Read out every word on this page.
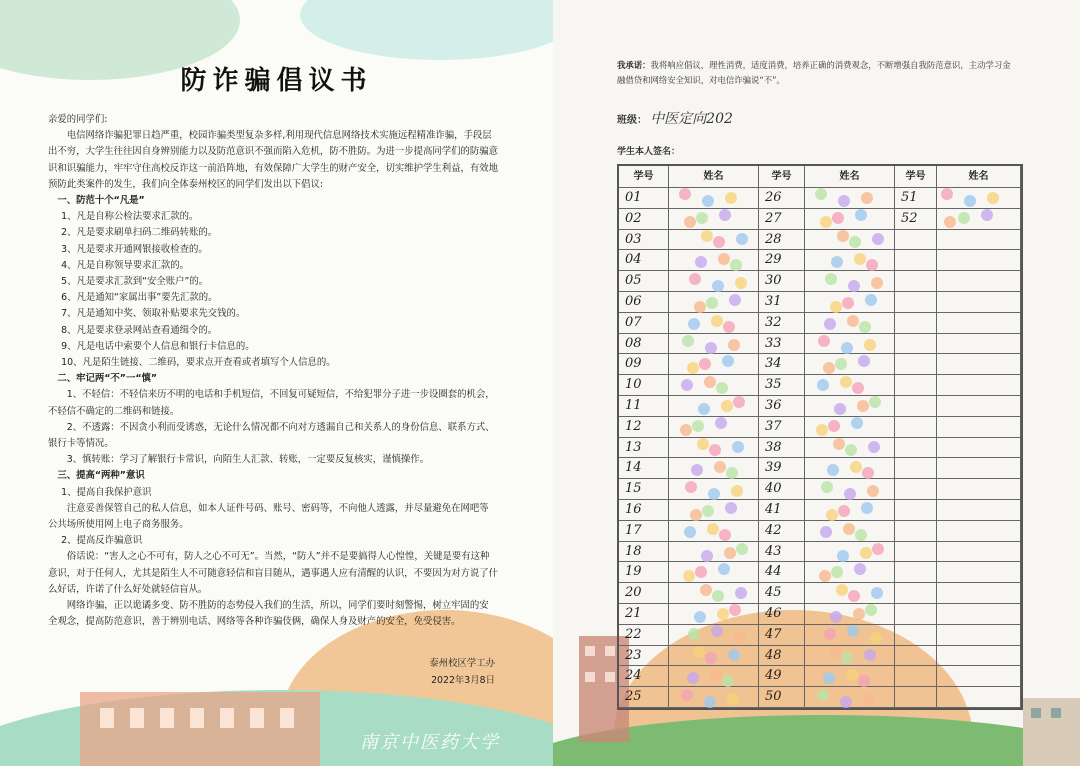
防诈骗倡议书

亲爱的同学们:

电信网络诈骗犯罪日趋严重，校园诈骗类型复杂多样,利用现代信息网络技术实施远程精准诈骗，手段层出不穷，大学生往往因自身辨别能力以及防范意识不强而陷入危机，防不胜防。为进一步提高同学们的防骗意识和识骗能力，牢牢守住高校反诈这一前沿阵地，有效保障广大学生的财产安全，切实维护学生利益，有效地预防此类案件的发生，我们向全体泰州校区的同学们发出以下倡议:

一、防范十个“凡是”

1、凡是自称公检法要求汇款的。

2、凡是要求刷单扫码二维码转账的。

3、凡是要求开通网银接收检查的。

4、凡是自称领导要求汇款的。

5、凡是要求汇款到“安全账户”的。

6、凡是通知“家属出事”要先汇款的。

7、凡是通知中奖、领取补贴要求先交钱的。

8、凡是要求登录网站查看通缉令的。

9、凡是电话中索要个人信息和银行卡信息的。

10、凡是陌生链接、二维码，要求点开查看或者填写个人信息的。

二、牢记两“不”一“慎”

1、不轻信：不轻信来历不明的电话和手机短信，不回复可疑短信，不给犯罪分子进一步设圈套的机会，不轻信不确定的二维码和链接。

2、不透露：不因贪小利而受诱惑，无论什么情况都不向对方透漏自己和关系人的身份信息、联系方式、银行卡等情况。

3、慎转账：学习了解银行卡常识，向陌生人汇款、转账，一定要反复核实，谨慎操作。

三、提高“两种”意识

1、提高自我保护意识

注意妥善保管自己的私人信息，如本人证件号码、账号、密码等，不向他人透露，并尽量避免在网吧等公共场所使用网上电子商务服务。

2、提高反诈骗意识

俗话说：“害人之心不可有，防人之心不可无”。当然，“防人”并不是要搞得人心惶惶，关键是要有这种意识，对于任何人，尤其是陌生人不可随意轻信和盲目随从，遇事遇人应有清醒的认识，不要因为对方说了什么好话，许诺了什么好处就轻信盲从。

网络诈骗，正以诡谲多变、防不胜防的态势侵入我们的生活，所以，同学们要时刻警惕，树立牢固的安全观念，提高防范意识，善于辨别电话、网络等各种诈骗伎俩，确保人身及财产的安全，免受侵害。

泰州校区学工办
2022年3月8日
南京中医药大学
我承诺：我将响应倡议，理性消费，适度消费，培养正确的消费观念，不断增强自我防范意识，主动学习金融借贷和网络安全知识，对电信诈骗说“不”。
班级： 中医定向202
学生本人签名：
学号
01
02
03
04
05
06
07
08
09
10
11
12
13
14
15
16
17
18
19
20
21
22
23
24
25
姓名	学号
26
27
28
29
30
31
32
33
34
35
36
37
38
39
40
41
42
43
44
45
46
47
48
49
50
姓名	学号
51
52
姓名
